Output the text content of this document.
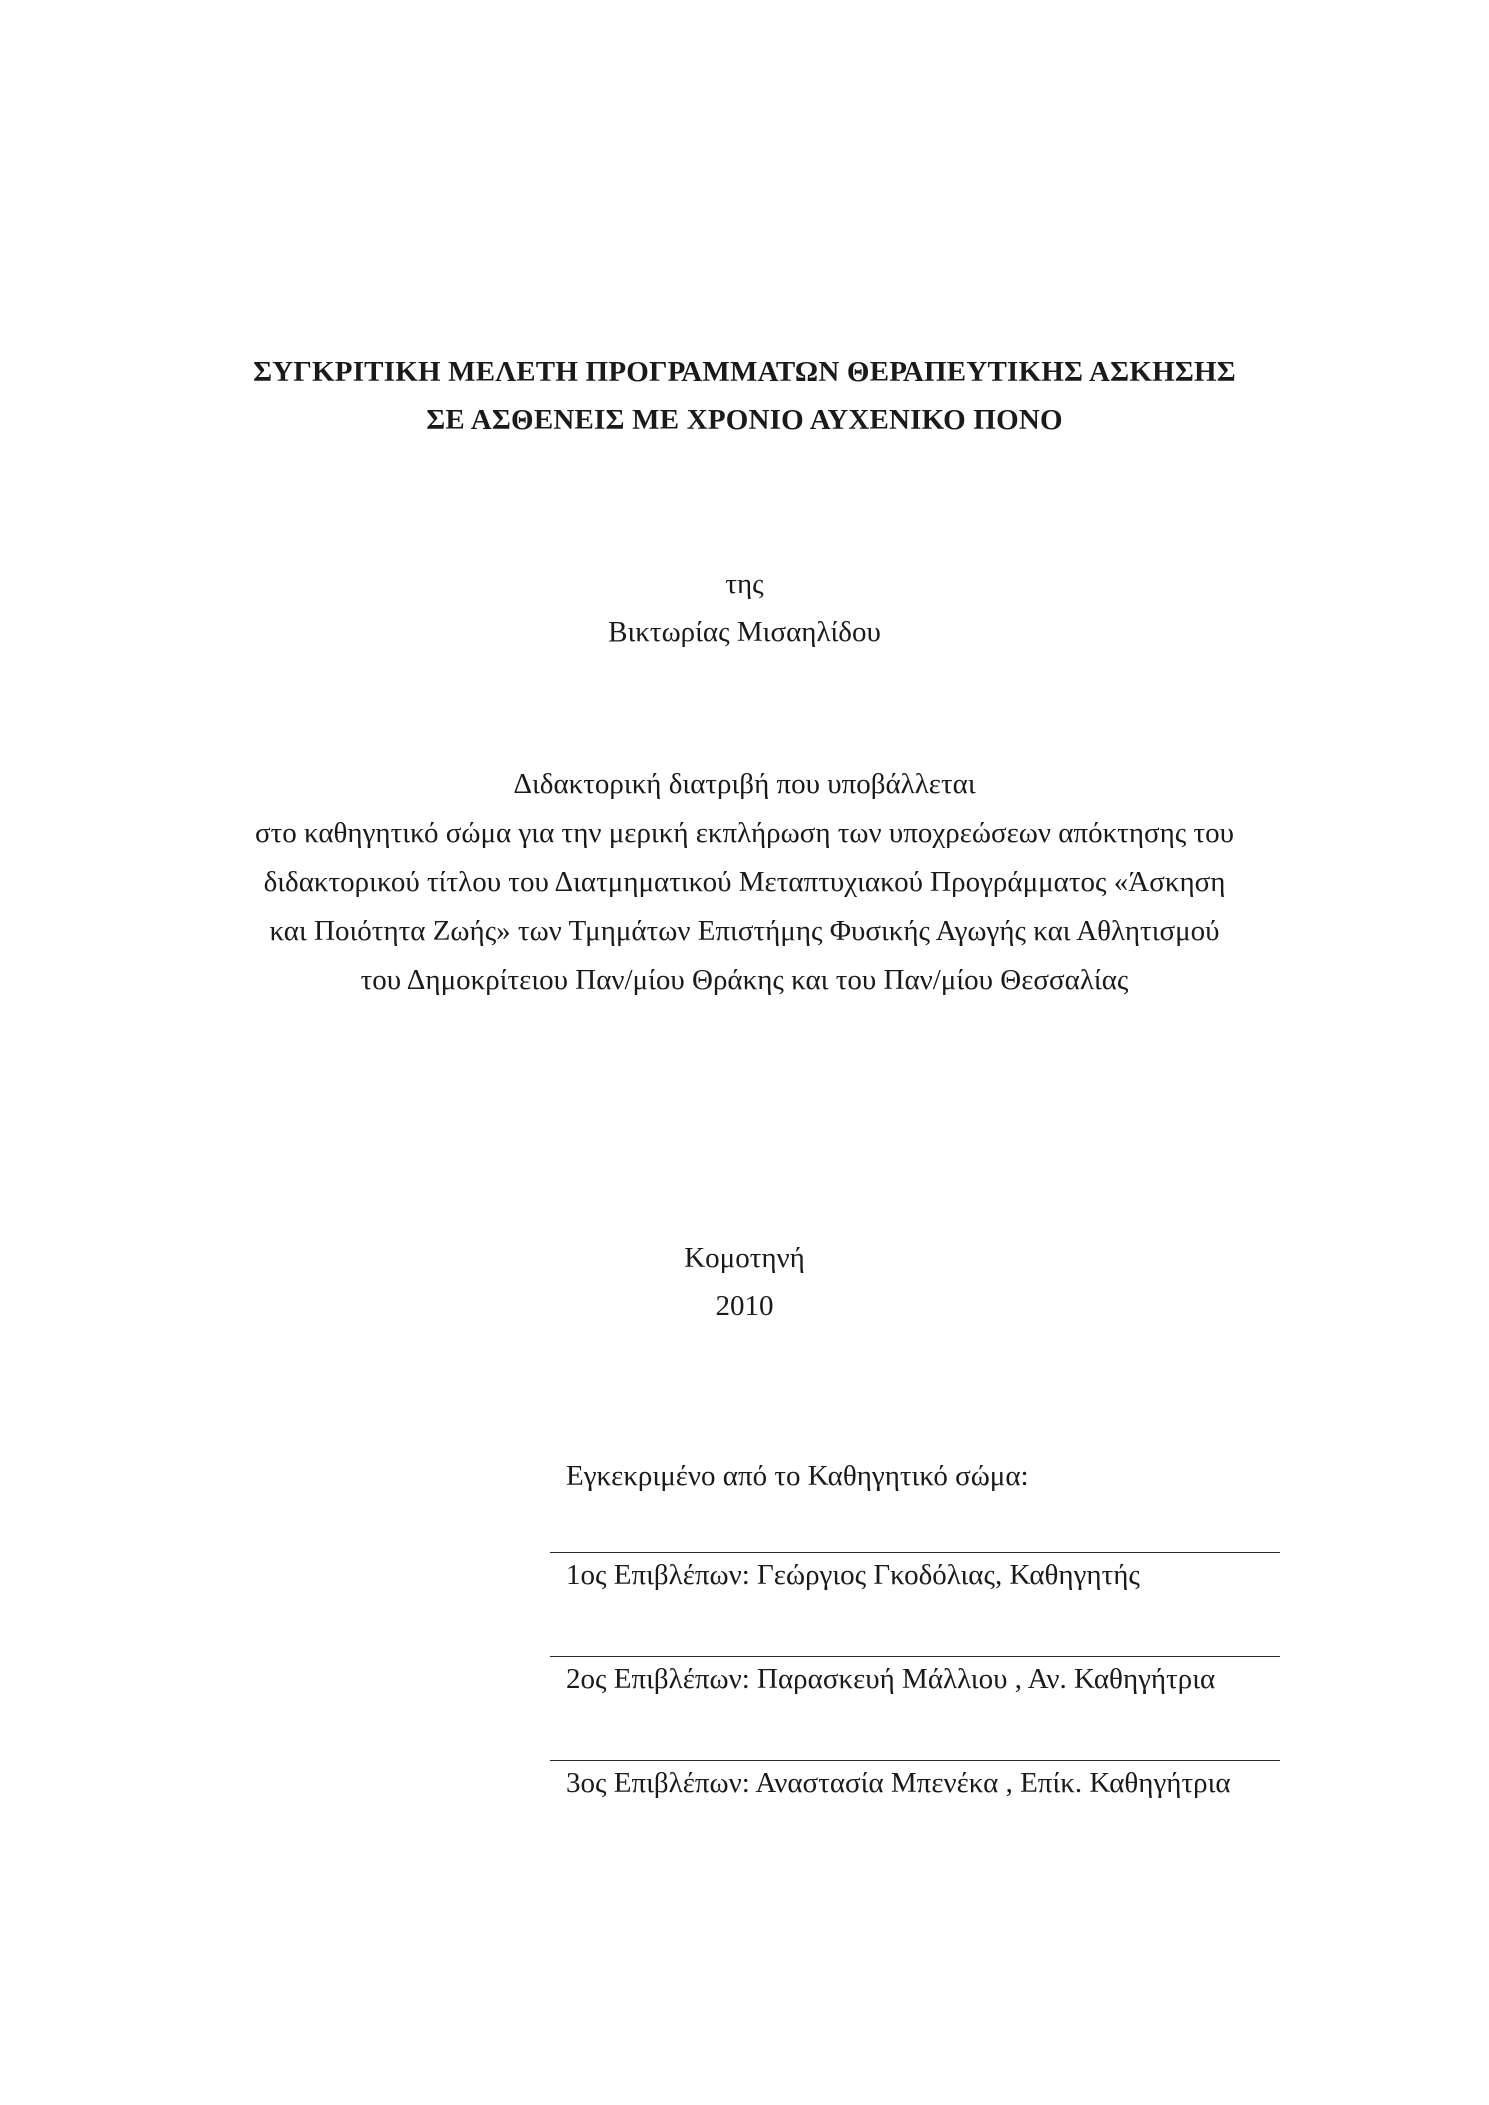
ΣΥΓΚΡΙΤΙΚΗ ΜΕΛΕΤΗ ΠΡΟΓΡΑΜΜΑΤΩΝ ΘΕΡΑΠΕΥΤΙΚΗΣ ΑΣΚΗΣΗΣ
ΣΕ ΑΣΘΕΝΕΙΣ ΜΕ ΧΡΟΝΙΟ ΑΥΧΕΝΙΚΟ ΠΟΝΟ
της
Βικτωρίας Μισαηλίδου
Διδακτορική διατριβή που υποβάλλεται
στο καθηγητικό σώμα για την μερική εκπλήρωση των υποχρεώσεων απόκτησης του
διδακτορικού τίτλου του Διατμηματικού Μεταπτυχιακού Προγράμματος «Άσκηση
και Ποιότητα Ζωής» των Τμημάτων Επιστήμης Φυσικής Αγωγής και Αθλητισμού
του Δημοκρίτειου Παν/μίου Θράκης και του Παν/μίου Θεσσαλίας
Κομοτηνή
2010
Εγκεκριμένο από το Καθηγητικό σώμα:
1ος Επιβλέπων: Γεώργιος Γκοδόλιας, Καθηγητής
2ος Επιβλέπων: Παρασκευή Μάλλιου , Αν. Καθηγήτρια
3ος Επιβλέπων: Αναστασία Μπενέκα , Επίκ. Καθηγήτρια
